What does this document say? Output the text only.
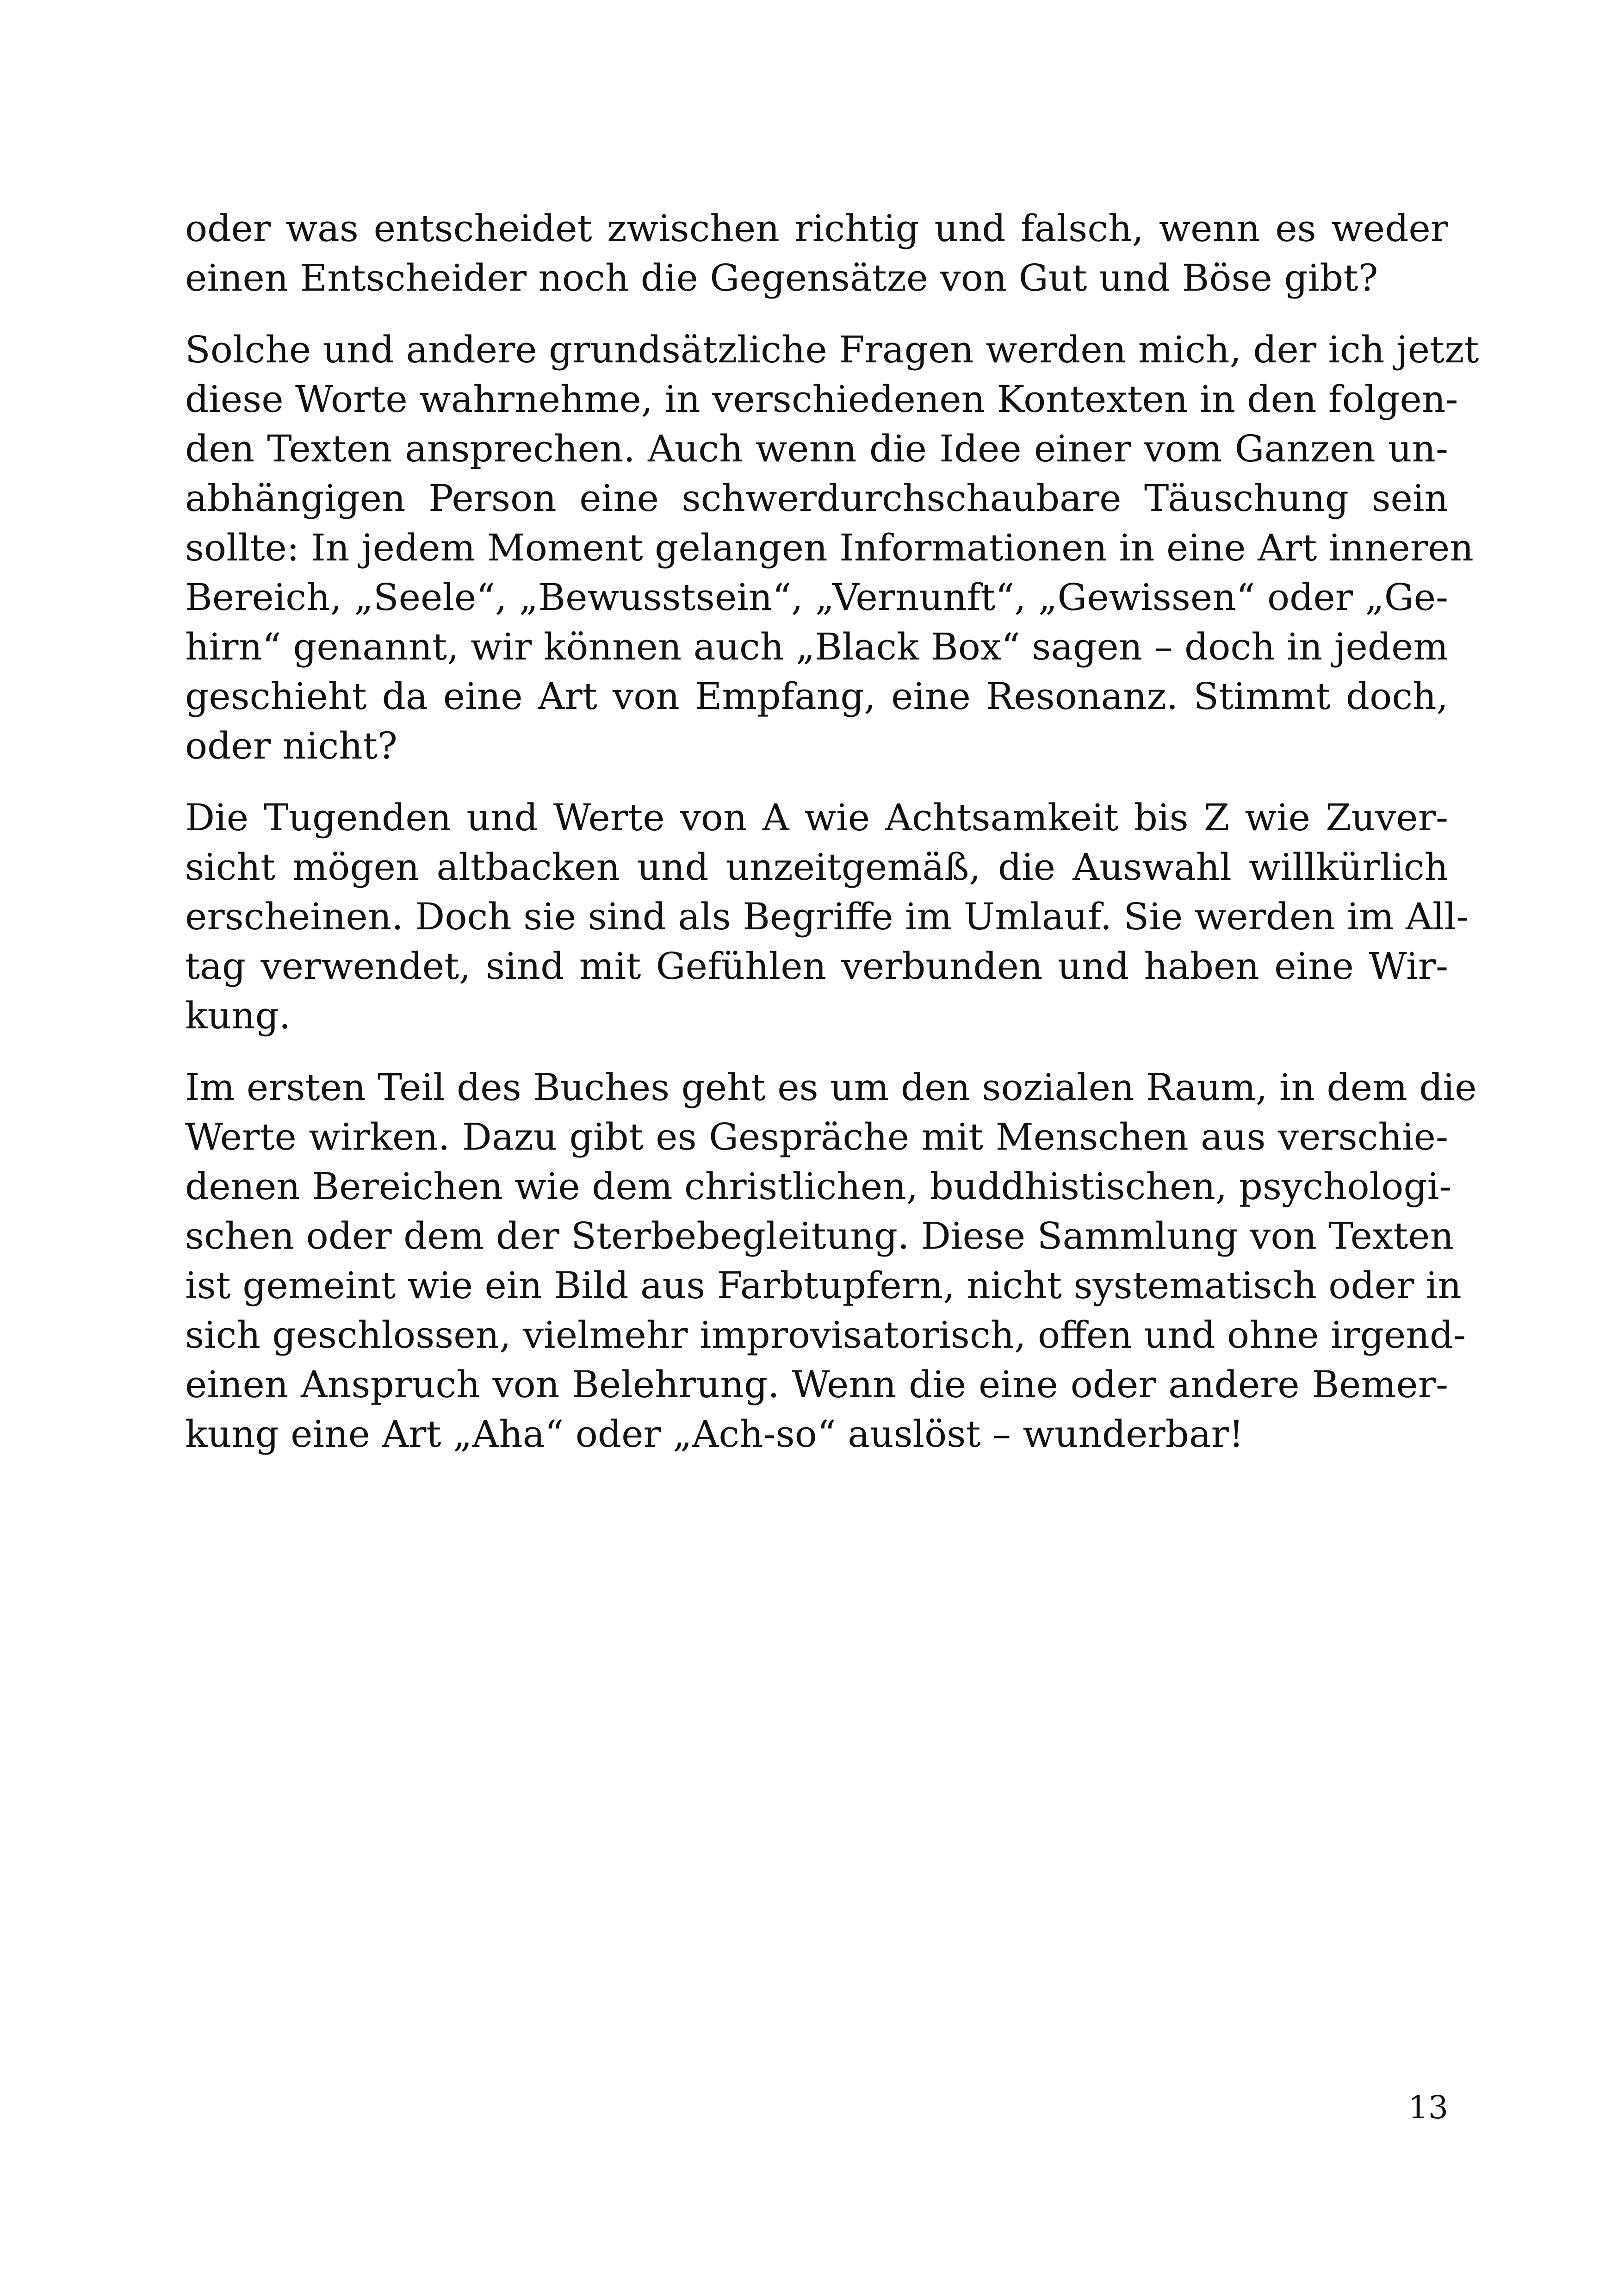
oder was entscheidet zwischen richtig und falsch, wenn es weder
einen Entscheider noch die Gegensätze von Gut und Böse gibt?

Solche und andere grundsätzliche Fragen werden mich, der ich jetzt
diese Worte wahrnehme, in verschiedenen Kontexten in den folgen-
den Texten ansprechen. Auch wenn die Idee einer vom Ganzen un-
abhängigen Person eine schwerdurchschaubare Täuschung sein
sollte: In jedem Moment gelangen Informationen in eine Art inneren
Bereich, „Seele“, „Bewusstsein“, „Vernunft“, „Gewissen“ oder „Ge-
hirn“ genannt, wir können auch „Black Box“ sagen – doch in jedem
geschieht da eine Art von Empfang, eine Resonanz. Stimmt doch,
oder nicht?

Die Tugenden und Werte von A wie Achtsamkeit bis Z wie Zuver-
sicht mögen altbacken und unzeitgemäß, die Auswahl willkürlich
erscheinen. Doch sie sind als Begriffe im Umlauf. Sie werden im All-
tag verwendet, sind mit Gefühlen verbunden und haben eine Wir-
kung.

Im ersten Teil des Buches geht es um den sozialen Raum, in dem die
Werte wirken. Dazu gibt es Gespräche mit Menschen aus verschie-
denen Bereichen wie dem christlichen, buddhistischen, psychologi-
schen oder dem der Sterbebegleitung. Diese Sammlung von Texten
ist gemeint wie ein Bild aus Farbtupfern, nicht systematisch oder in
sich geschlossen, vielmehr improvisatorisch, offen und ohne irgend-
einen Anspruch von Belehrung. Wenn die eine oder andere Bemer-
kung eine Art „Aha“ oder „Ach-so“ auslöst – wunderbar!

13
